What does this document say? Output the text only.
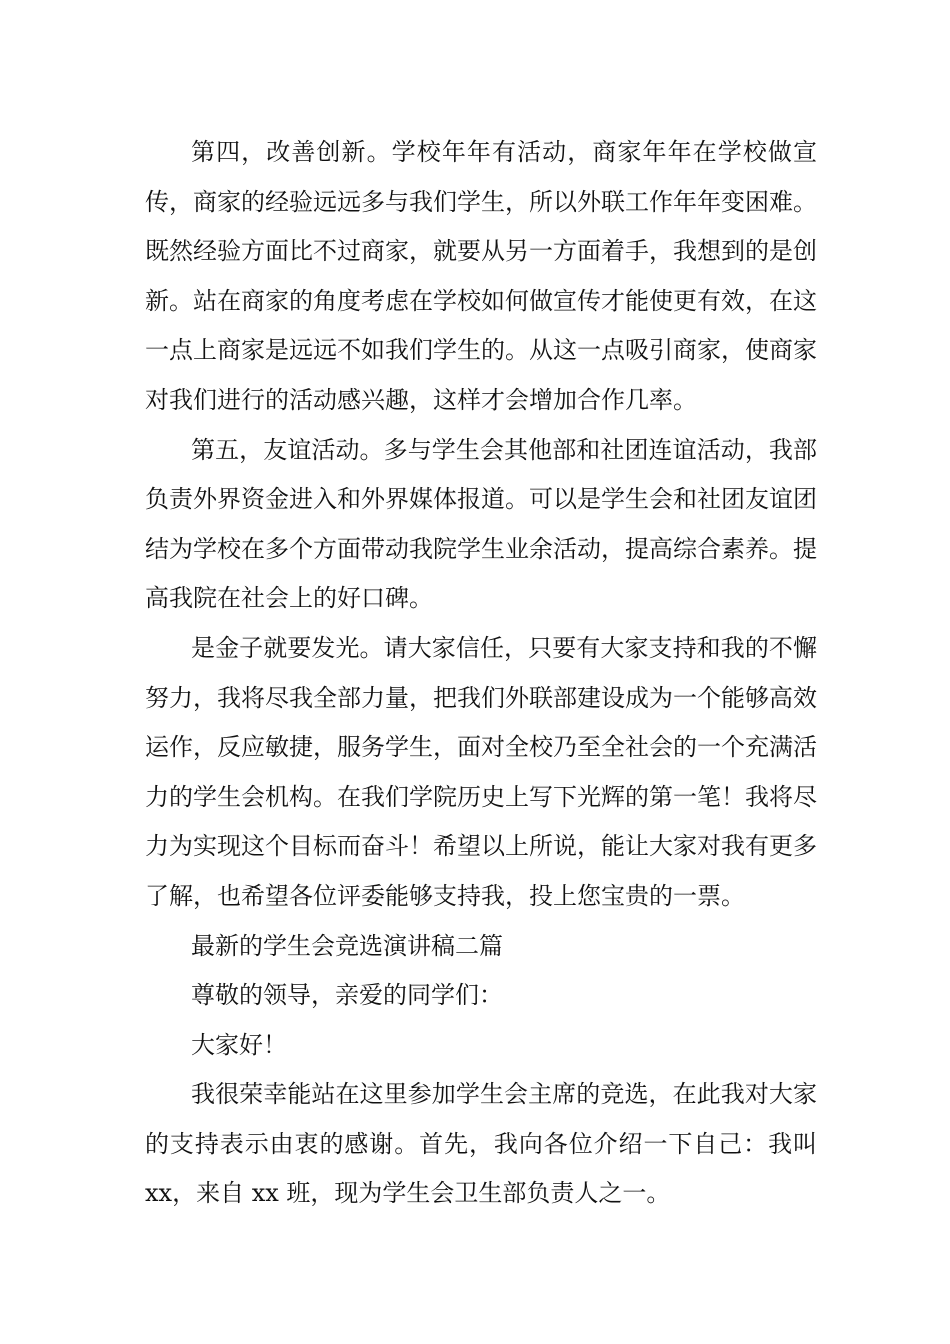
第四，改善创新。学校年年有活动，商家年年在学校做宣传，商家的经验远远多与我们学生，所以外联工作年年变困难。既然经验方面比不过商家，就要从另一方面着手，我想到的是创新。站在商家的角度考虑在学校如何做宣传才能使更有效，在这一点上商家是远远不如我们学生的。从这一点吸引商家，使商家对我们进行的活动感兴趣，这样才会增加合作几率。

第五，友谊活动。多与学生会其他部和社团连谊活动，我部负责外界资金进入和外界媒体报道。可以是学生会和社团友谊团结为学校在多个方面带动我院学生业余活动，提高综合素养。提高我院在社会上的好口碑。

是金子就要发光。请大家信任，只要有大家支持和我的不懈努力，我将尽我全部力量，把我们外联部建设成为一个能够高效运作，反应敏捷，服务学生，面对全校乃至全社会的一个充满活力的学生会机构。在我们学院历史上写下光辉的第一笔！我将尽力为实现这个目标而奋斗！希望以上所说，能让大家对我有更多了解，也希望各位评委能够支持我，投上您宝贵的一票。

最新的学生会竞选演讲稿二篇

尊敬的领导，亲爱的同学们：

大家好！

我很荣幸能站在这里参加学生会主席的竞选，在此我对大家的支持表示由衷的感谢。首先，我向各位介绍一下自己：我叫 xx，来自 xx 班，现为学生会卫生部负责人之一。
